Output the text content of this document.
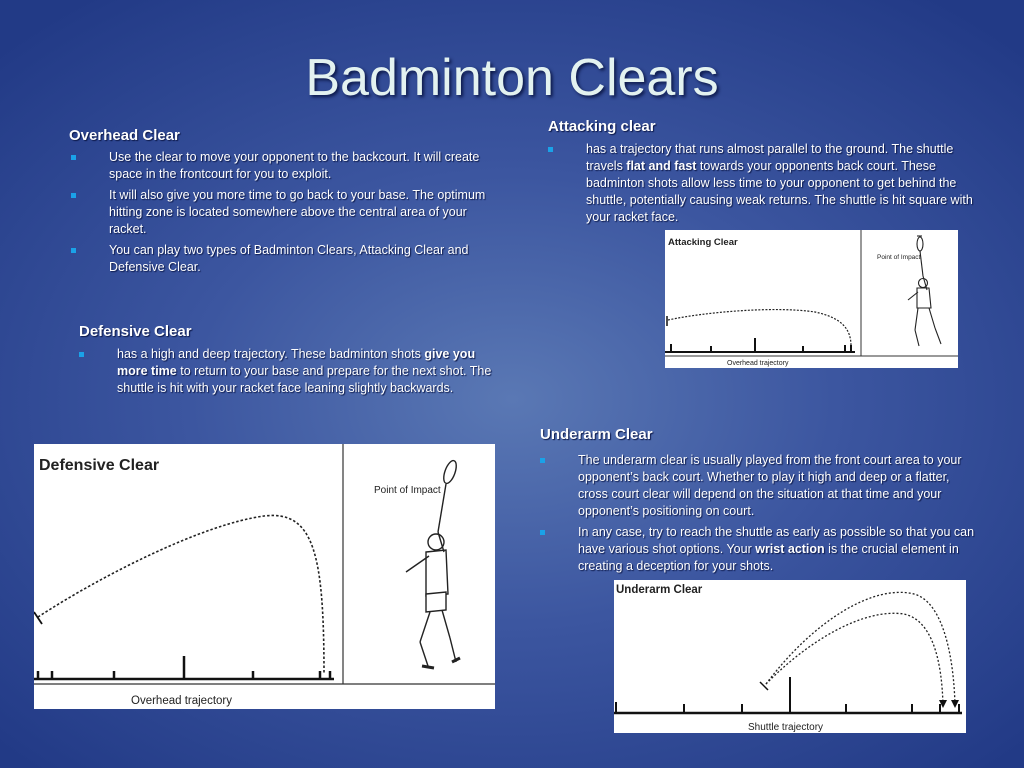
Badminton Clears
Overhead Clear
Use the clear to move your opponent to the backcourt. It will create space in the frontcourt for you to exploit.
It will also give you more time to go back to your base. The optimum hitting zone is located somewhere above the central area of your racket.
You can play two types of Badminton Clears, Attacking Clear and Defensive Clear.
Defensive Clear
has a high and deep trajectory. These badminton shots give you more time to return to your base and prepare for the next shot. The shuttle is hit with your racket face leaning slightly backwards.
Attacking clear
has a trajectory that runs almost parallel to the ground. The shuttle travels flat and fast towards your opponents back court. These badminton shots allow less time to your opponent to get behind the shuttle, potentially causing weak returns. The shuttle is hit square with your racket face.
Underarm Clear
The underarm clear is usually played from the front court area to your opponent’s back court. Whether to play it high and deep or a flatter, cross court clear will depend on the situation at that time and your opponent’s positioning on court.
In any case, try to reach the shuttle as early as possible so that you can have various shot options. Your wrist action is the crucial element in creating a deception for your shots.
Attacking Clear
Point of Impact
Overhead trajectory
Defensive Clear
Point of Impact
Overhead trajectory
Underarm Clear
Shuttle trajectory
